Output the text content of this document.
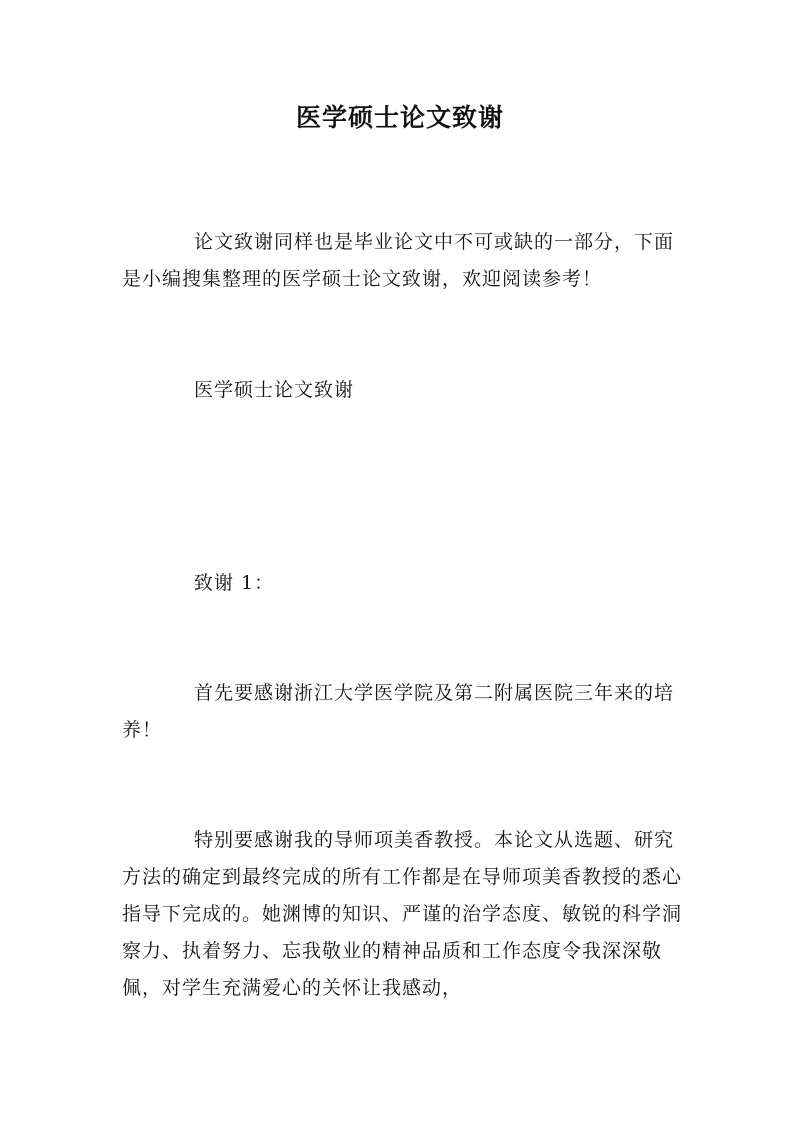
医学硕士论文致谢

论文致谢同样也是毕业论文中不可或缺的一部分，下面是小编搜集整理的医学硕士论文致谢，欢迎阅读参考！

医学硕士论文致谢

致谢 1：

首先要感谢浙江大学医学院及第二附属医院三年来的培养！

特别要感谢我的导师项美香教授。本论文从选题、研究方法的确定到最终完成的所有工作都是在导师项美香教授的悉心指导下完成的。她渊博的知识、严谨的治学态度、敏锐的科学洞察力、执着努力、忘我敬业的精神品质和工作态度令我深深敬佩，对学生充满爱心的关怀让我感动，
